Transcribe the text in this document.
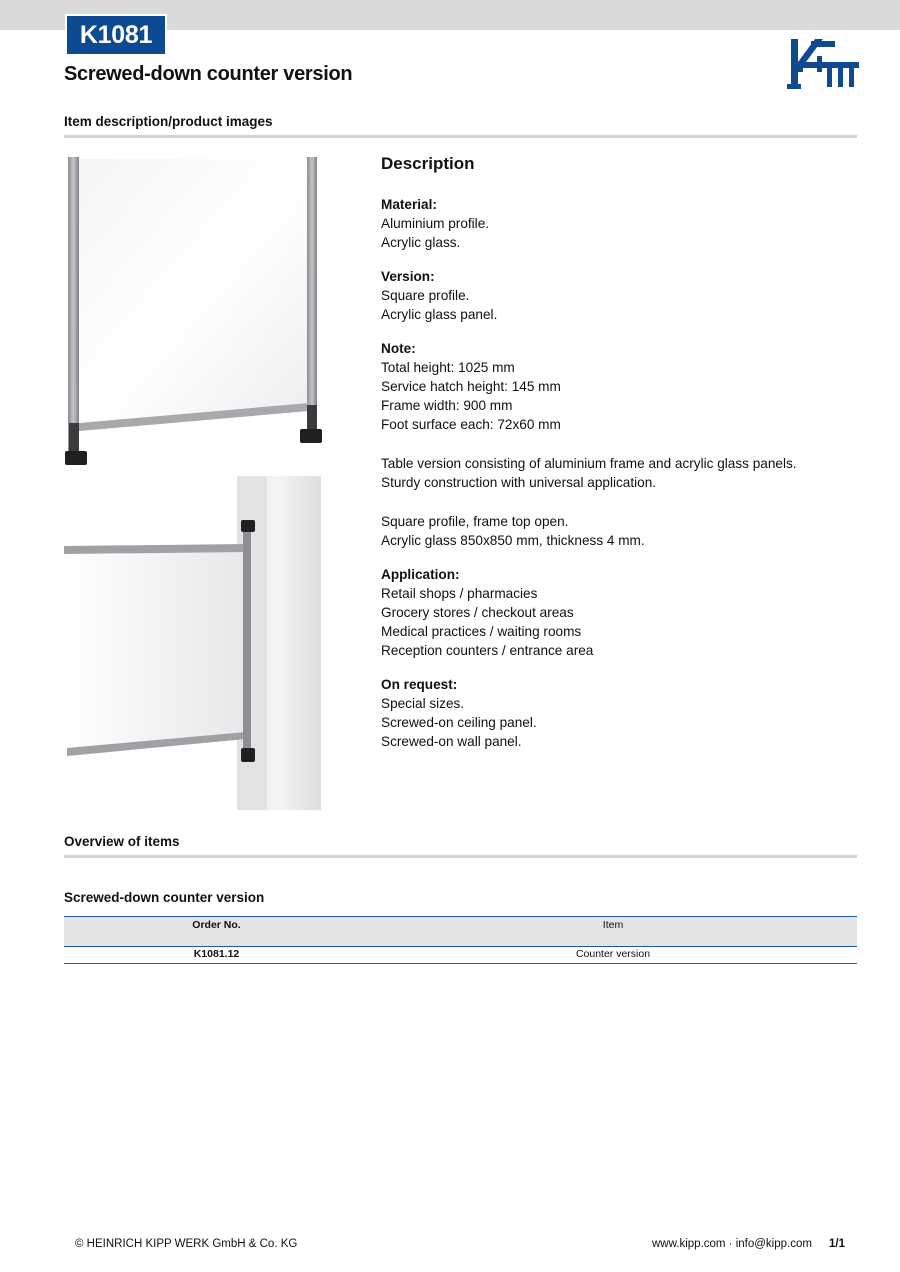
K1081
Screwed-down counter version
Kipp
Item description/product images
Description
Material:
Aluminium profile.
Acrylic glass.
Version:
Square profile.
Acrylic glass panel.
Note:
Total height: 1025 mm
Service hatch height: 145 mm
Frame width: 900 mm
Foot surface each: 72x60 mm
Table version consisting of aluminium frame and acrylic glass panels.
Sturdy construction with universal application.
Square profile, frame top open.
Acrylic glass 850x850 mm, thickness 4 mm.
Application:
Retail shops / pharmacies
Grocery stores / checkout areas
Medical practices / waiting rooms
Reception counters / entrance area
On request:
Special sizes.
Screwed-on ceiling panel.
Screwed-on wall panel.
Overview of items
Screwed-down counter version
Order No.	Item
K1081.12	Counter version
© HEINRICH KIPP WERK GmbH & Co. KG	www.kipp.com · info@kipp.com 1/1
